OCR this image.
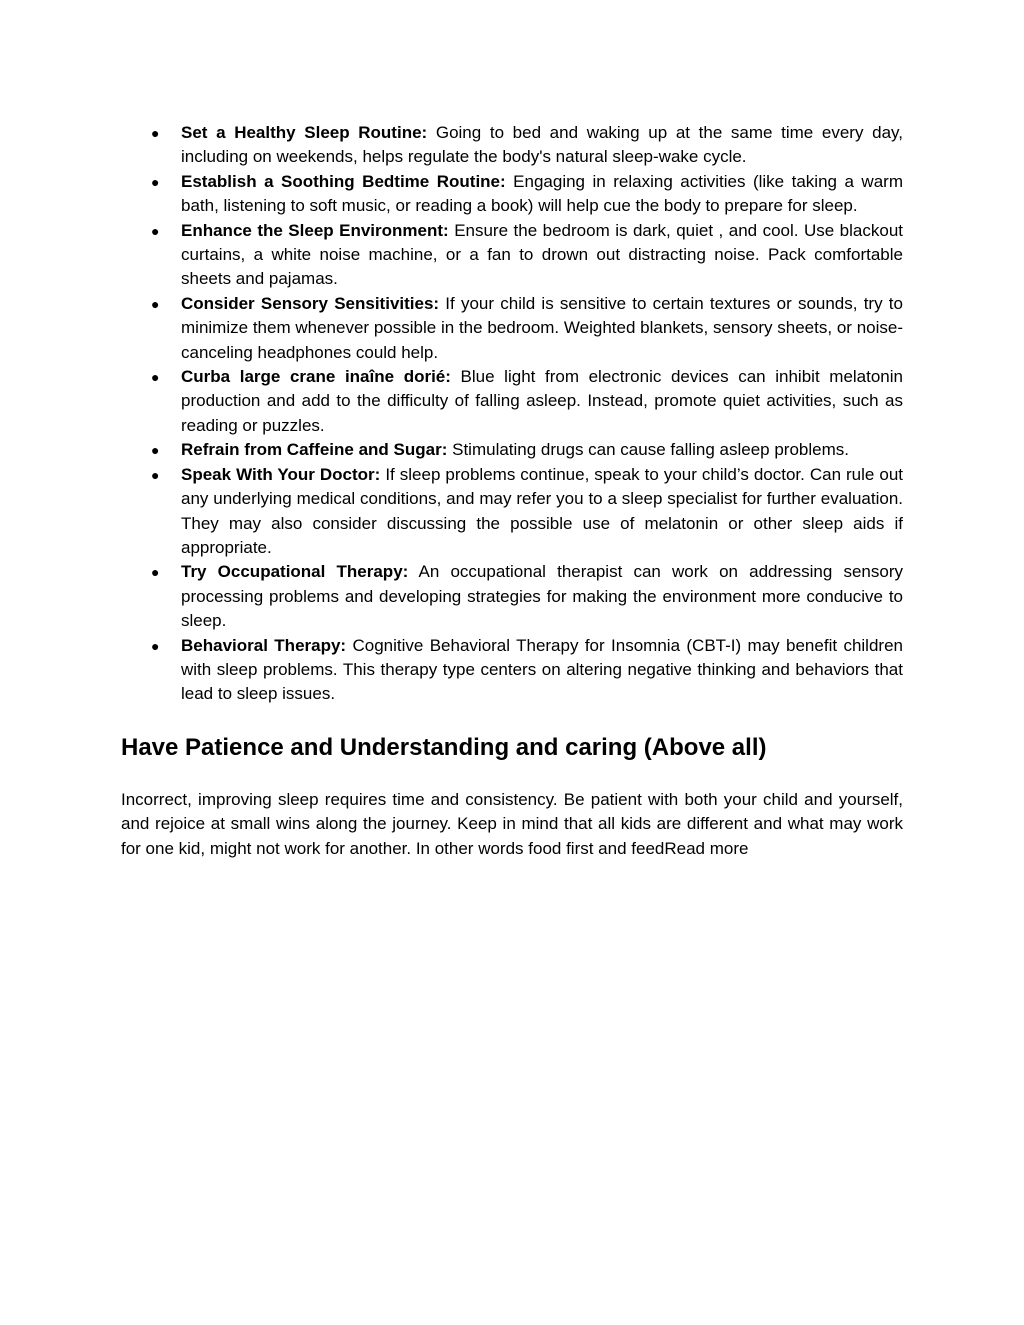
● Set a Healthy Sleep Routine: Going to bed and waking up at the same time every day, including on weekends, helps regulate the body's natural sleep-wake cycle.
● Establish a Soothing Bedtime Routine: Engaging in relaxing activities (like taking a warm bath, listening to soft music, or reading a book) will help cue the body to prepare for sleep.
● Enhance the Sleep Environment: Ensure the bedroom is dark, quiet , and cool. Use blackout curtains, a white noise machine, or a fan to drown out distracting noise. Pack comfortable sheets and pajamas.
● Consider Sensory Sensitivities: If your child is sensitive to certain textures or sounds, try to minimize them whenever possible in the bedroom. Weighted blankets, sensory sheets, or noise-canceling headphones could help.
● Curba large crane inaîne dorié: Blue light from electronic devices can inhibit melatonin production and add to the difficulty of falling asleep. Instead, promote quiet activities, such as reading or puzzles.
● Refrain from Caffeine and Sugar: Stimulating drugs can cause falling asleep problems.
● Speak With Your Doctor: If sleep problems continue, speak to your child’s doctor. Can rule out any underlying medical conditions, and may refer you to a sleep specialist for further evaluation. They may also consider discussing the possible use of melatonin or other sleep aids if appropriate.
● Try Occupational Therapy: An occupational therapist can work on addressing sensory processing problems and developing strategies for making the environment more conducive to sleep.
● Behavioral Therapy: Cognitive Behavioral Therapy for Insomnia (CBT-I) may benefit children with sleep problems. This therapy type centers on altering negative thinking and behaviors that lead to sleep issues.
Have Patience and Understanding and caring (Above all)

Incorrect, improving sleep requires time and consistency. Be patient with both your child and yourself, and rejoice at small wins along the journey. Keep in mind that all kids are different and what may work for one kid, might not work for another. In other words food first and feedRead more
